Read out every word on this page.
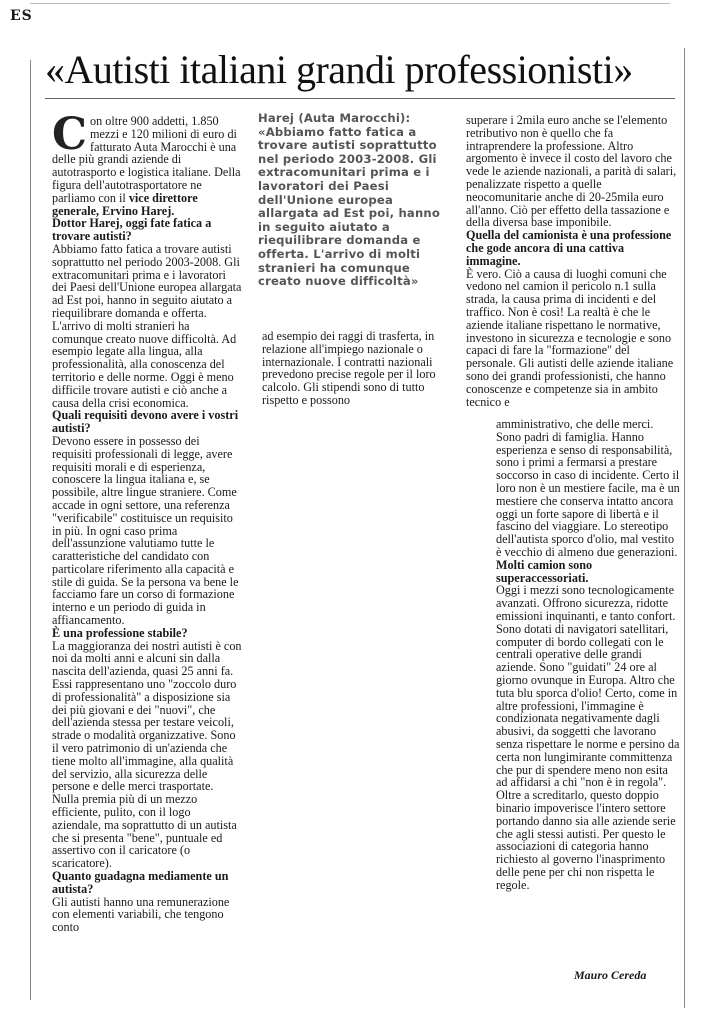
ES
«Autisti italiani grandi professionisti»

Con oltre 900 addetti, 1.850 mezzi e 120 milioni di euro di fatturato Auta Marocchi è una delle più grandi aziende di autotrasporto e logistica italiane. Della figura dell'autotrasportatore ne parliamo con il vice direttore generale, Ervino Harej.

Dottor Harej, oggi fate fatica a trovare autisti?

Abbiamo fatto fatica a trovare autisti soprattutto nel periodo 2003-2008. Gli extracomunitari prima e i lavoratori dei Paesi dell'Unione europea allargata ad Est poi, hanno in seguito aiutato a riequilibrare domanda e offerta. L'arrivo di molti stranieri ha comunque creato nuove difficoltà. Ad esempio legate alla lingua, alla professionalità, alla conoscenza del territorio e delle norme. Oggi è meno difficile trovare autisti e ciò anche a causa della crisi economica.

Quali requisiti devono avere i vostri autisti?

Devono essere in possesso dei requisiti professionali di legge, avere requisiti morali e di esperienza, conoscere la lingua italiana e, se possibile, altre lingue straniere. Come accade in ogni settore, una referenza "verificabile" costituisce un requisito in più. In ogni caso prima dell'assunzione valutiamo tutte le caratteristiche del candidato con particolare riferimento alla capacità e stile di guida. Se la persona va bene le facciamo fare un corso di formazione interno e un periodo di guida in affiancamento.

È una professione stabile?

La maggioranza dei nostri autisti è con noi da molti anni e alcuni sin dalla nascita dell'azienda, quasi 25 anni fa. Essi rappresentano uno "zoccolo duro di professionalità" a disposizione sia dei più giovani e dei "nuovi", che dell'azienda stessa per testare veicoli, strade o modalità organizzative. Sono il vero patrimonio di un'azienda che tiene molto all'immagine, alla qualità del servizio, alla sicurezza delle persone e delle merci trasportate. Nulla premia più di un mezzo efficiente, pulito, con il logo aziendale, ma soprattutto di un autista che si presenta "bene", puntuale ed assertivo con il caricatore (o scaricatore).

Quanto guadagna mediamente un autista?

Gli autisti hanno una remunerazione con elementi variabili, che tengono conto

Harej (Auta Marocchi): «Abbiamo fatto fatica a trovare autisti soprattutto nel periodo 2003-2008. Gli extracomunitari prima e i lavoratori dei Paesi dell'Unione europea allargata ad Est poi, hanno in seguito aiutato a riequilibrare domanda e offerta. L'arrivo di molti stranieri ha comunque creato nuove difficoltà»

ad esempio dei raggi di trasferta, in relazione all'impiego nazionale o internazionale. I contratti nazionali prevedono precise regole per il loro calcolo. Gli stipendi sono di tutto rispetto e possono

superare i 2mila euro anche se l'elemento retributivo non è quello che fa intraprendere la professione. Altro argomento è invece il costo del lavoro che vede le aziende nazionali, a parità di salari, penalizzate rispetto a quelle neocomunitarie anche di 20-25mila euro all'anno. Ciò per effetto della tassazione e della diversa base imponibile.

Quella del camionista è una professione che gode ancora di una cattiva immagine.

È vero. Ciò a causa di luoghi comuni che vedono nel camion il pericolo n.1 sulla strada, la causa prima di incidenti e del traffico. Non è così! La realtà è che le aziende italiane rispettano le normative, investono in sicurezza e tecnologie e sono capaci di fare la "formazione" del personale. Gli autisti delle aziende italiane sono dei grandi professionisti, che hanno conoscenze e competenze sia in ambito tecnico e

amministrativo, che delle merci. Sono padri di famiglia. Hanno esperienza e senso di responsabilità, sono i primi a fermarsi a prestare soccorso in caso di incidente. Certo il loro non è un mestiere facile, ma è un mestiere che conserva intatto ancora oggi un forte sapore di libertà e il fascino del viaggiare. Lo stereotipo dell'autista sporco d'olio, mal vestito è vecchio di almeno due generazioni.

Molti camion sono superaccessoriati.

Oggi i mezzi sono tecnologicamente avanzati. Offrono sicurezza, ridotte emissioni inquinanti, e tanto confort. Sono dotati di navigatori satellitari, computer di bordo collegati con le centrali operative delle grandi aziende. Sono "guidati" 24 ore al giorno ovunque in Europa. Altro che tuta blu sporca d'olio! Certo, come in altre professioni, l'immagine è condizionata negativamente dagli abusivi, da soggetti che lavorano senza rispettare le norme e persino da certa non lungimirante committenza che pur di spendere meno non esita ad affidarsi a chi "non è in regola". Oltre a screditarlo, questo doppio binario impoverisce l'intero settore portando danno sia alle aziende serie che agli stessi autisti. Per questo le associazioni di categoria hanno richiesto al governo l'inasprimento delle pene per chi non rispetta le regole.

Mauro Cereda
